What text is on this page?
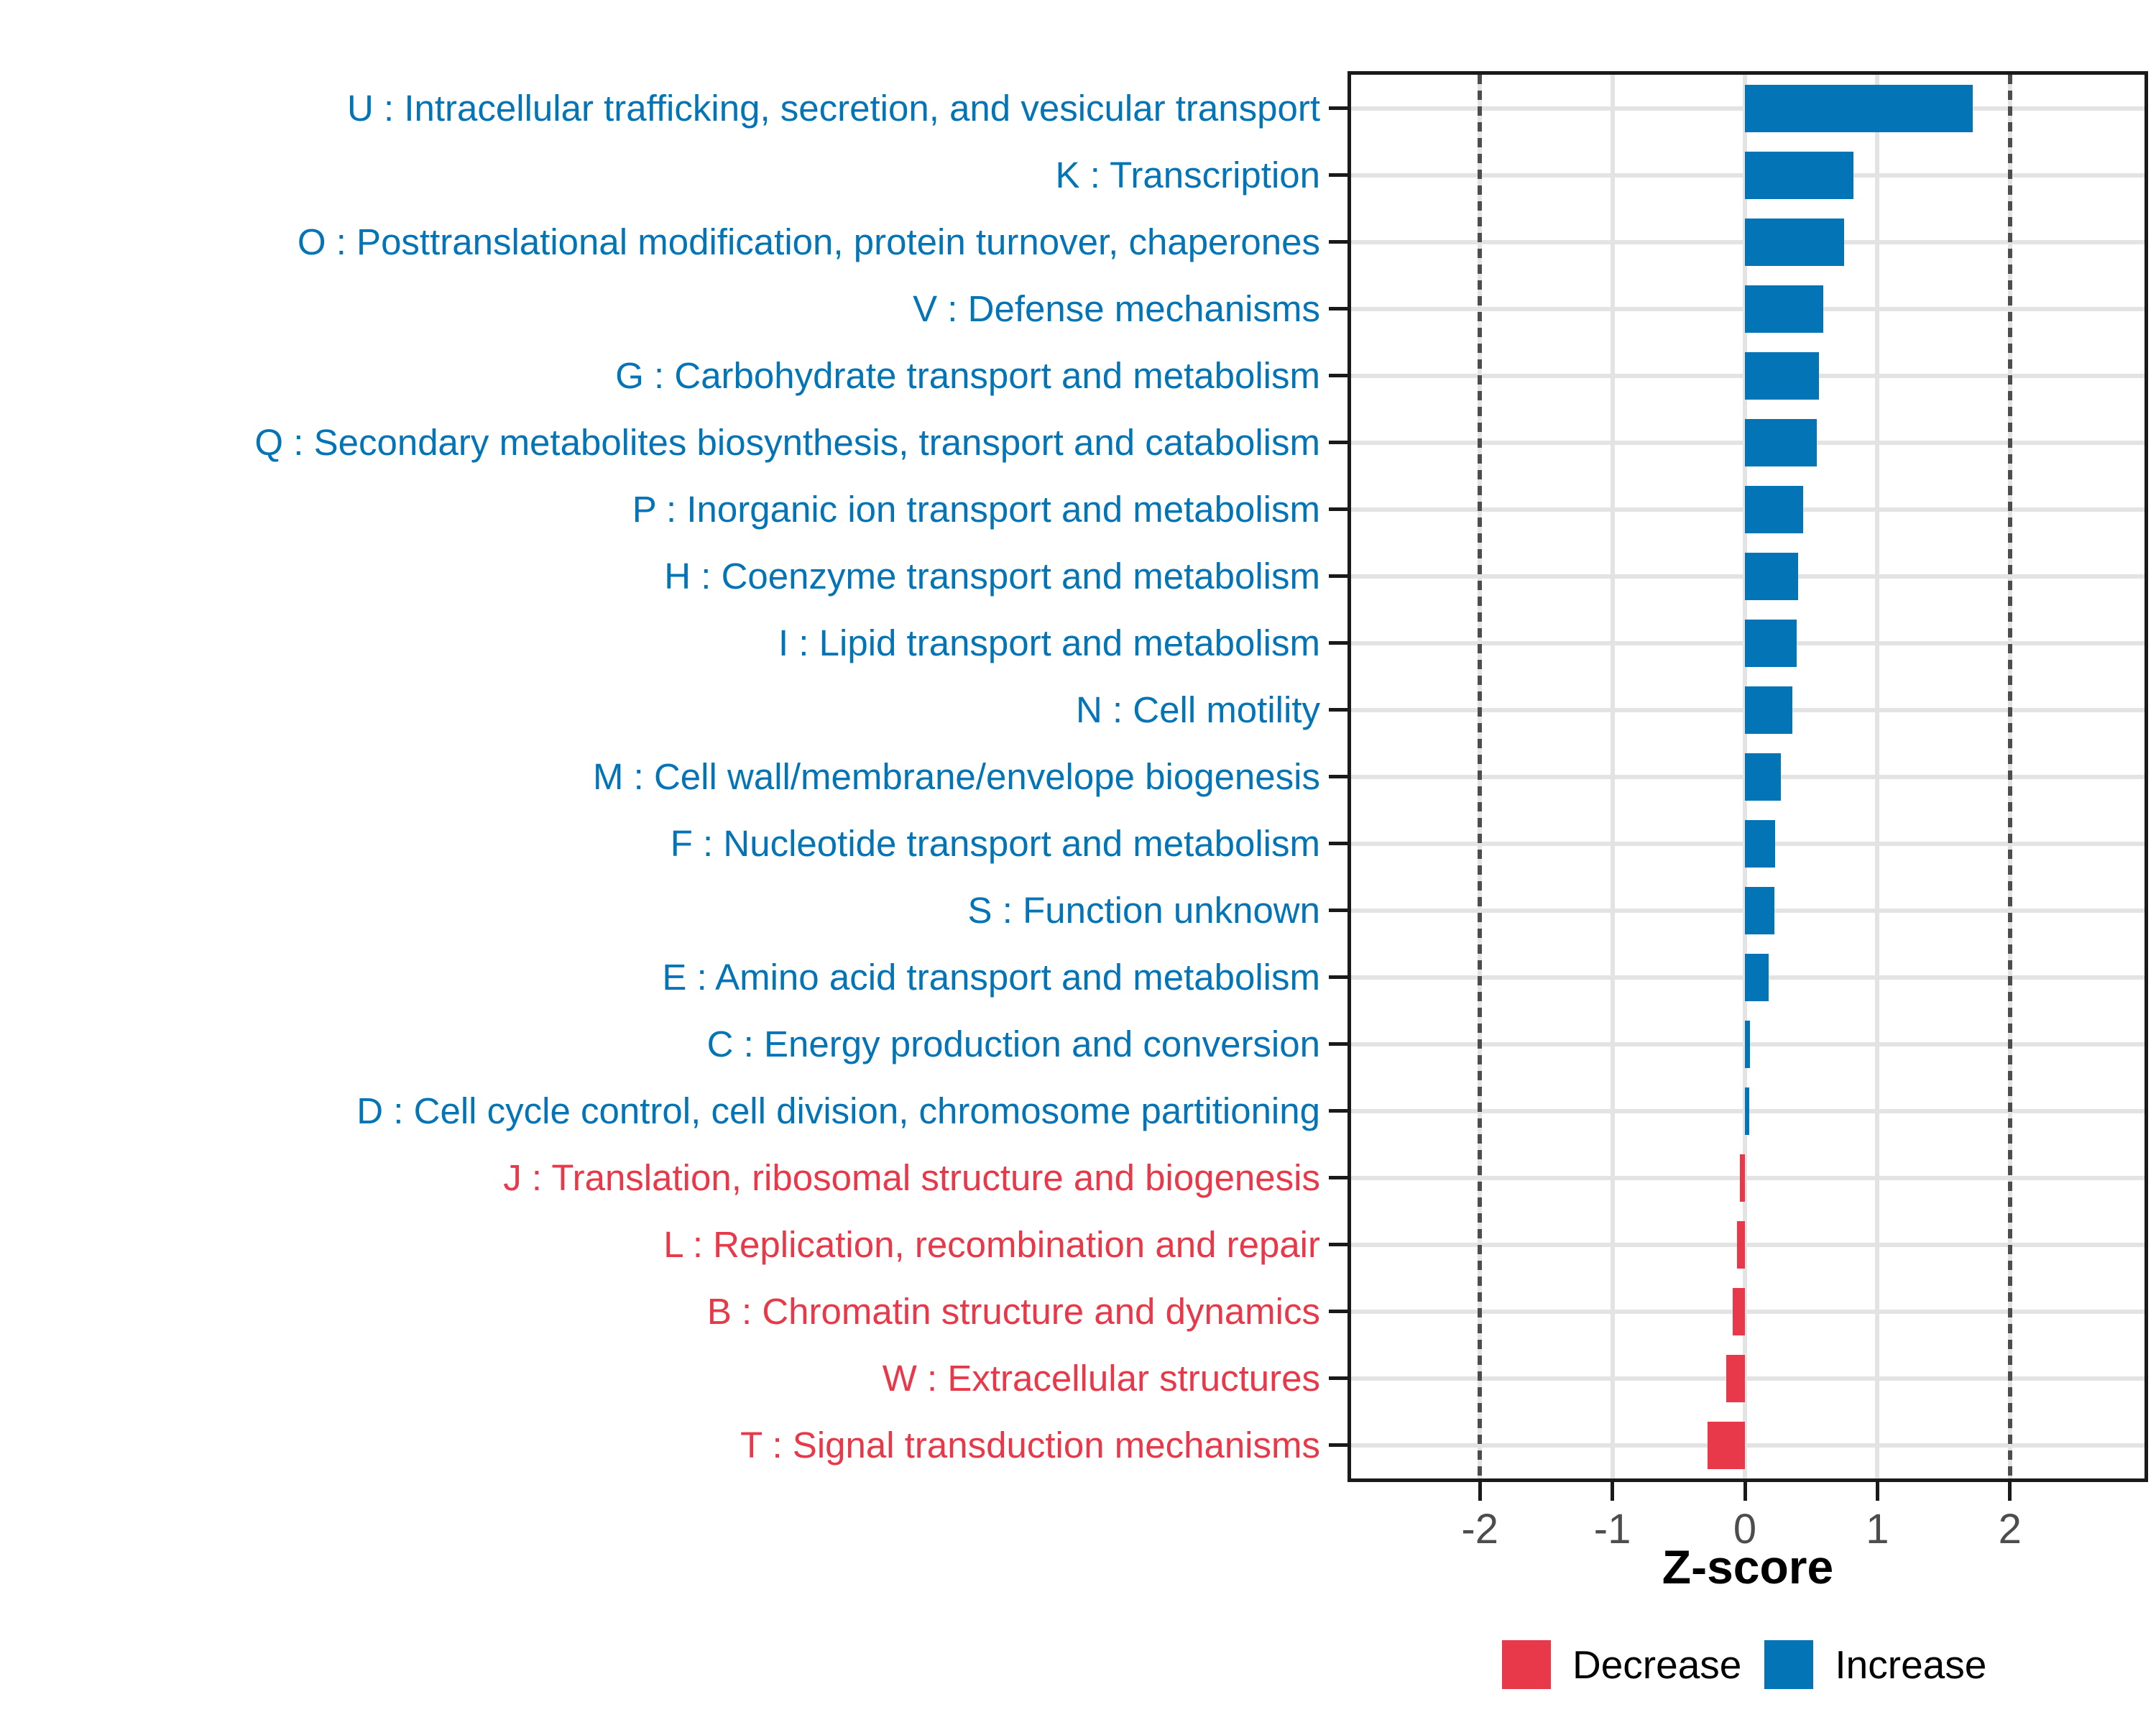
U : Intracellular trafficking, secretion, and vesicular transport
K : Transcription
O : Posttranslational modification, protein turnover, chaperones
V : Defense mechanisms
G : Carbohydrate transport and metabolism
Q : Secondary metabolites biosynthesis, transport and catabolism
P : Inorganic ion transport and metabolism
H : Coenzyme transport and metabolism
I : Lipid transport and metabolism
N : Cell motility
M : Cell wall/membrane/envelope biogenesis
F : Nucleotide transport and metabolism
S : Function unknown
E : Amino acid transport and metabolism
C : Energy production and conversion
D : Cell cycle control, cell division, chromosome partitioning
J : Translation, ribosomal structure and biogenesis
L : Replication, recombination and repair
B : Chromatin structure and dynamics
W : Extracellular structures
T : Signal transduction mechanisms
-2 -1 0	1	2
Z-score
Decrease Increase
